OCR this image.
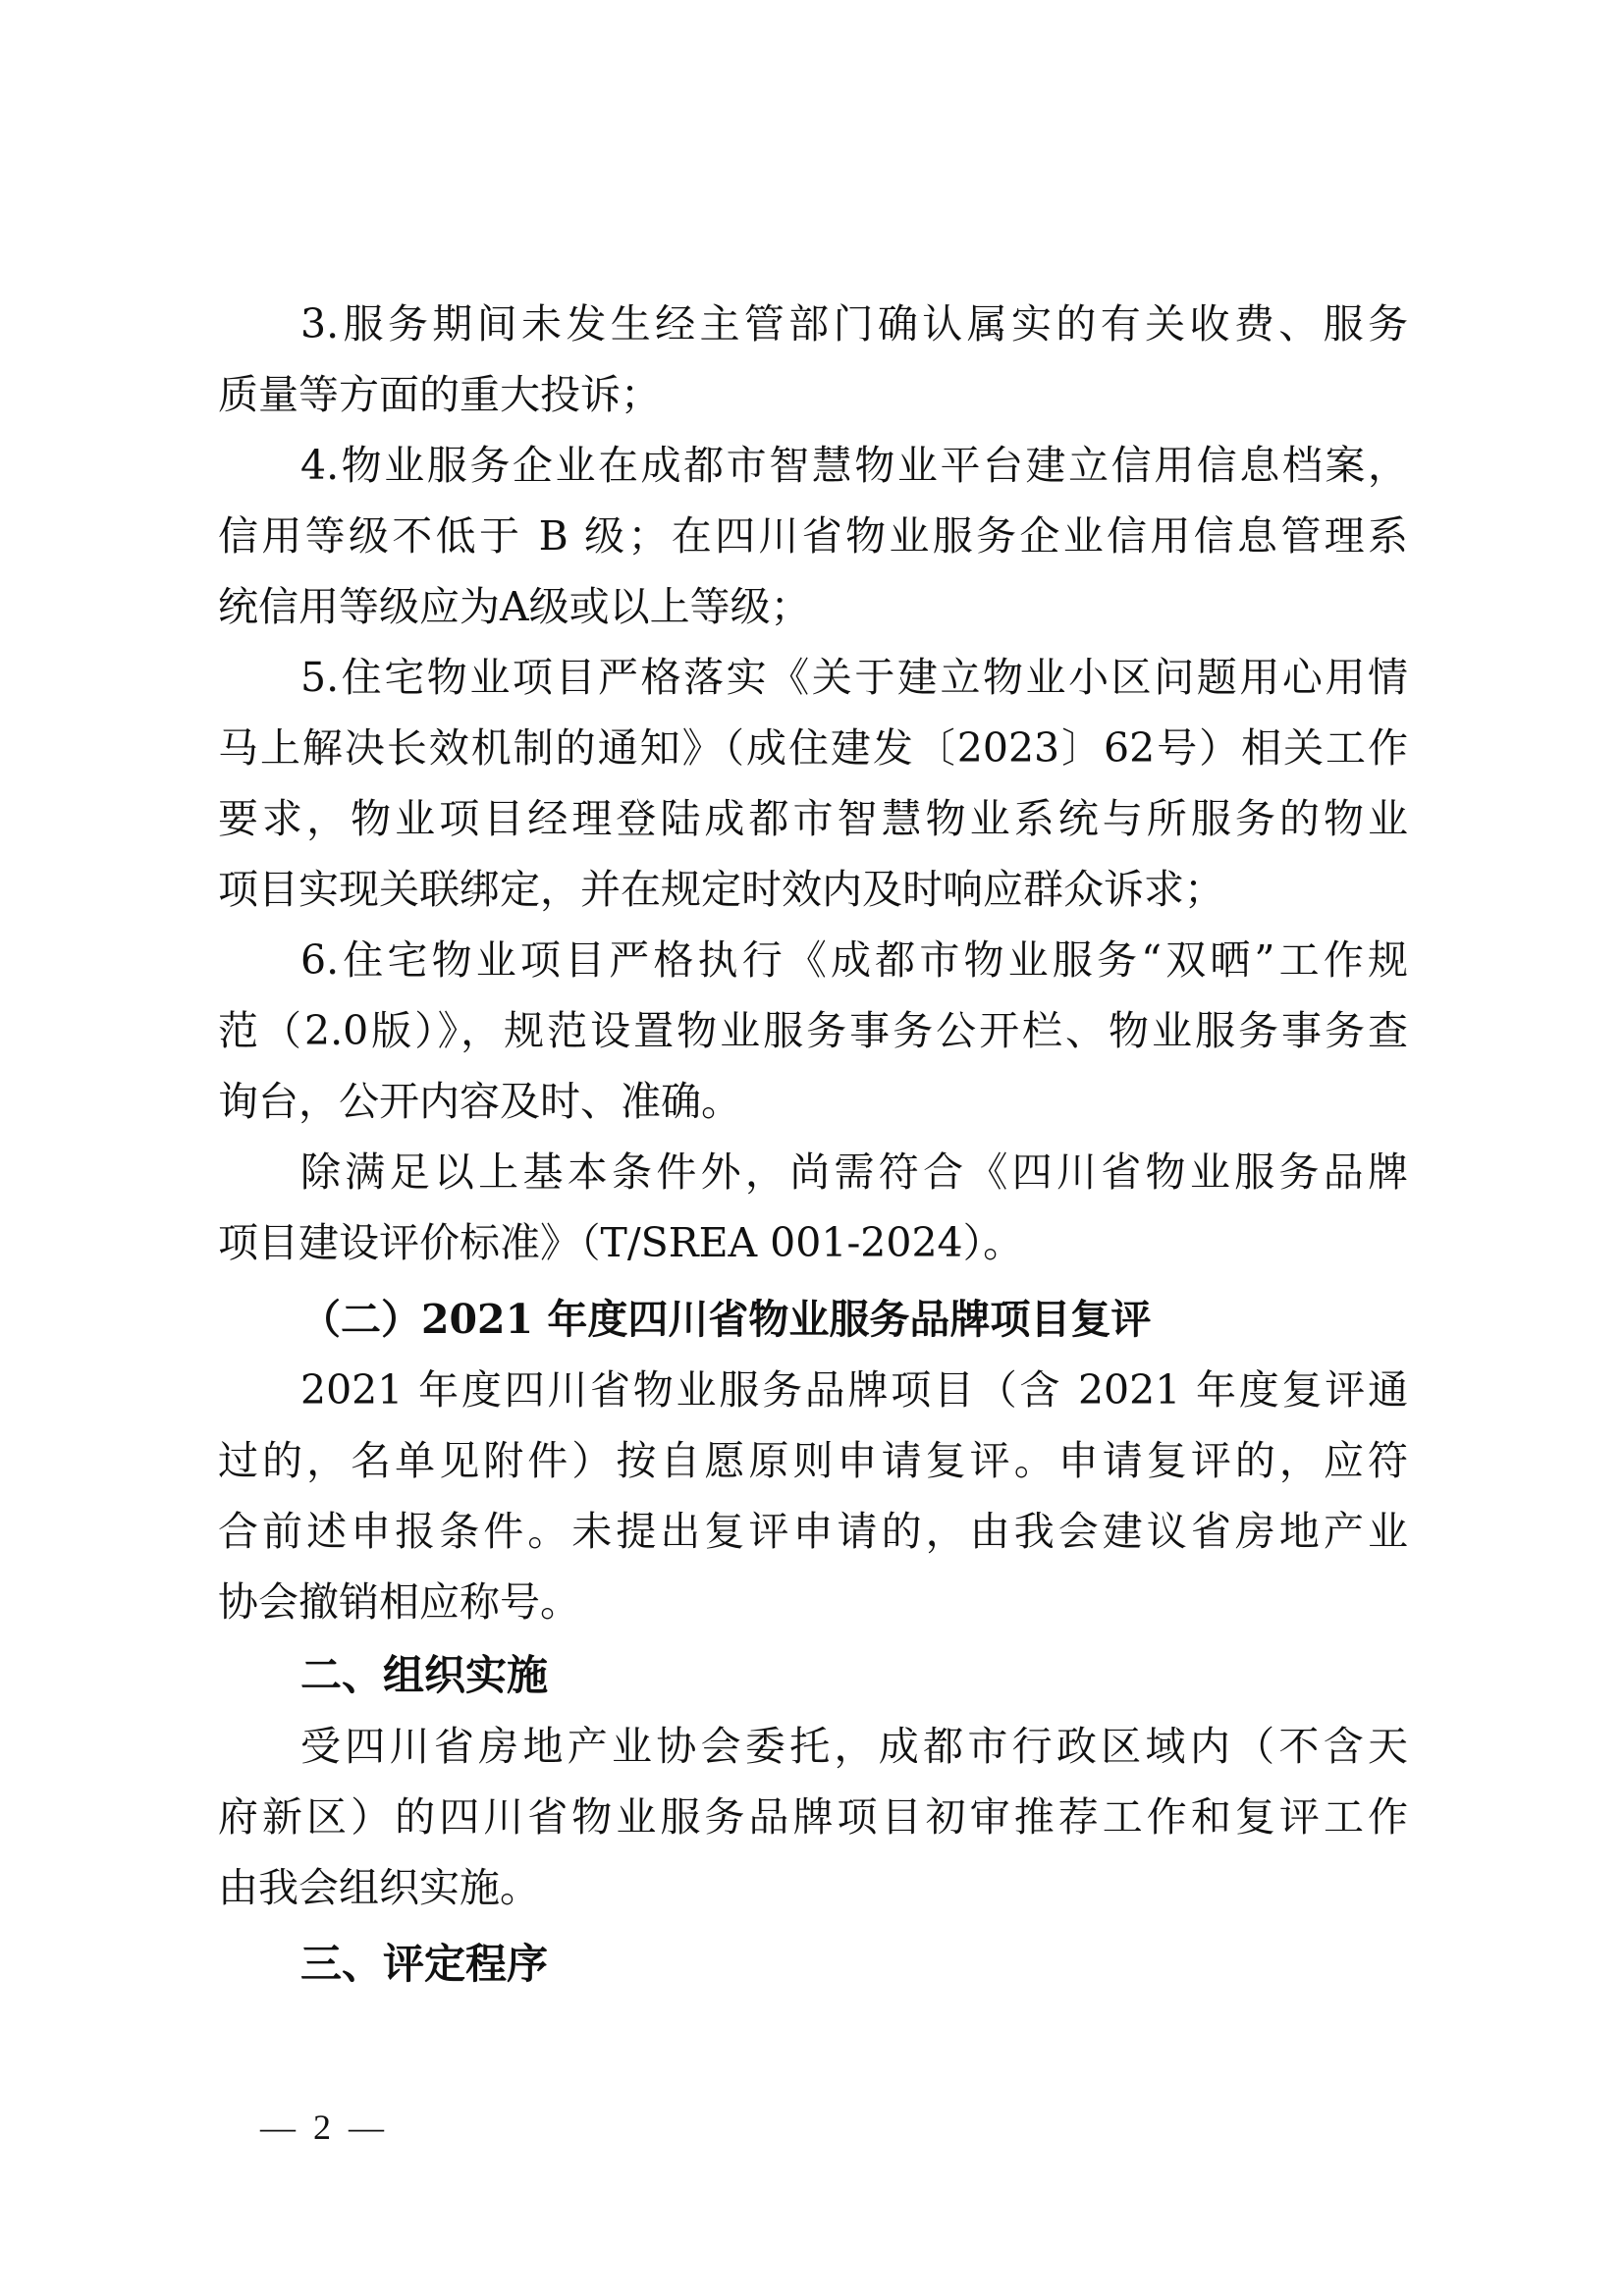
3.服务期间未发生经主管部门确认属实的有关收费、服务
质量等方面的重大投诉；
4.物业服务企业在成都市智慧物业平台建立信用信息档案，
信用等级不低于 B 级；在四川省物业服务企业信用信息管理系
统信用等级应为A级或以上等级；
5.住宅物业项目严格落实《关于建立物业小区问题用心用情
马上解决长效机制的通知》（成住建发〔2023〕62号）相关工作
要求，物业项目经理登陆成都市智慧物业系统与所服务的物业
项目实现关联绑定，并在规定时效内及时响应群众诉求；
6.住宅物业项目严格执行《成都市物业服务“双晒”工作规
范（2.0版）》，规范设置物业服务事务公开栏、物业服务事务查
询台，公开内容及时、准确。
除满足以上基本条件外，尚需符合《四川省物业服务品牌
项目建设评价标准》（T/SREA 001-2024）。
（二）2021 年度四川省物业服务品牌项目复评
2021 年度四川省物业服务品牌项目（含 2021 年度复评通
过的，名单见附件）按自愿原则申请复评。申请复评的，应符
合前述申报条件。未提出复评申请的，由我会建议省房地产业
协会撤销相应称号。
二、组织实施
受四川省房地产业协会委托，成都市行政区域内（不含天
府新区）的四川省物业服务品牌项目初审推荐工作和复评工作
由我会组织实施。
三、评定程序
—  2  —
